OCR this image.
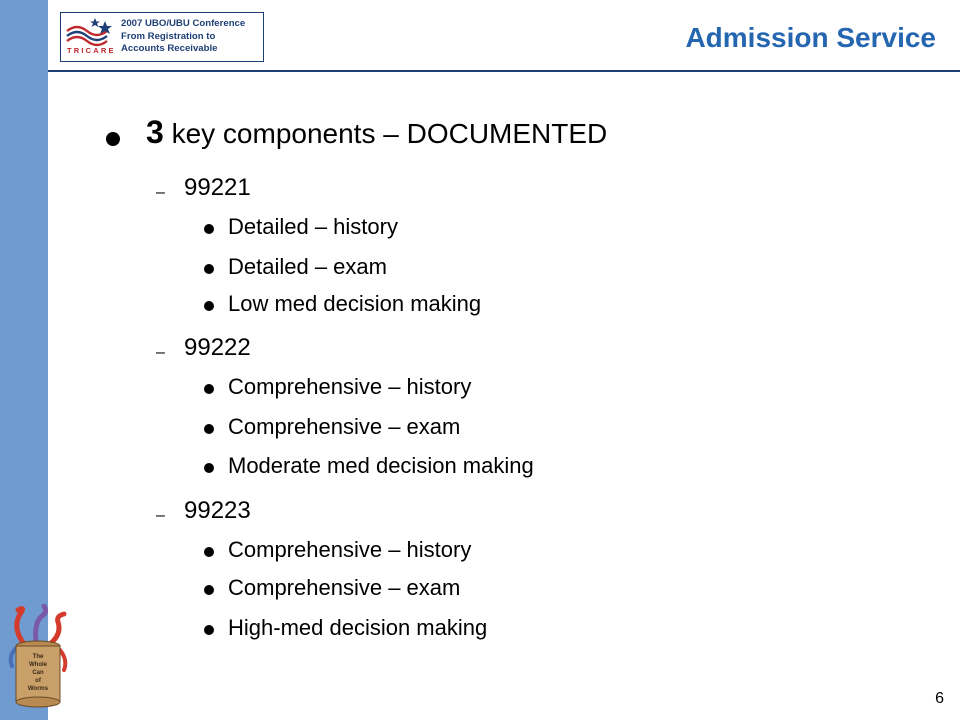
TRICARE
2007 UBO/UBU Conference
From Registration to
Accounts Receivable	Admission Service
3 key components – DOCUMENTED
– 99221
Detailed – history
Detailed – exam
Low med decision making
– 99222
Comprehensive – history
Comprehensive – exam
Moderate med decision making
– 99223
Comprehensive – history
Comprehensive – exam
High-med decision making
The
Whole
Can
of
Worms
6
